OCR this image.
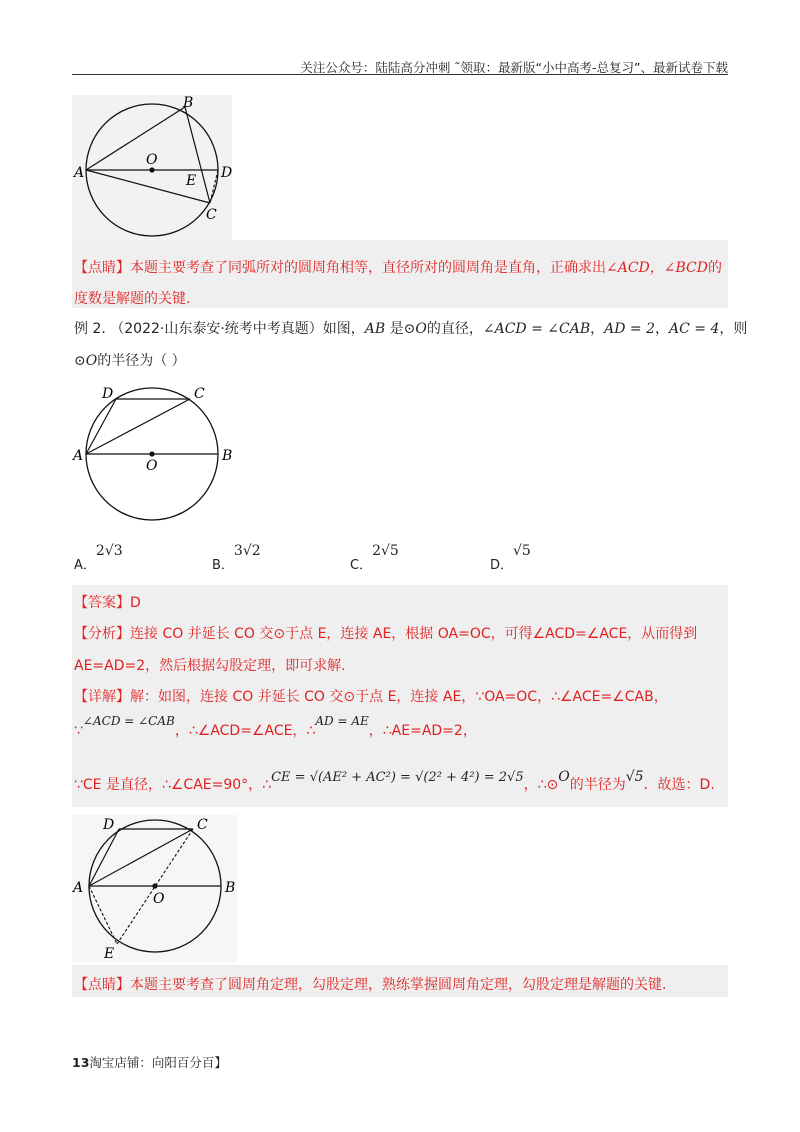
关注公众号：陆陆高分冲刺 ˜领取：最新版“小中高考-总复习”、最新试卷下载
A
B
O
E D
C
【点睛】本题主要考查了同弧所对的圆周角相等，直径所对的圆周角是直角，正确求出∠ACD，∠BCD的
度数是解题的关键.
例 2. （2022·山东泰安·统考中考真题）如图，AB 是⊙O的直径，∠ACD = ∠CAB，AD = 2，AC = 4，则
⊙O的半径为（ ）
D	C
A
O
B
$_{A.}$2√3
$_{B.}$3√2
$_{C.}$2√5
$_{D.}$√5
【答案】D
【分析】连接 CO 并延长 CO 交⊙于点 E，连接 AE，根据 OA=OC，可得∠ACD=∠ACE，从而得到
AE=AD=2，然后根据勾股定理，即可求解.
【详解】解：如图，连接 CO 并延长 CO 交⊙于点 E，连接 AE，∵OA=OC，∴∠ACE=∠CAB，
∵∠ACD = ∠CAB，∴∠ACD=∠ACE，∴AD = AE，∴AE=AD=2，
∵CE 是直径，∴∠CAE=90°，∴CE = √(AE² + AC²) = √(2² + 4²) = 2√5，∴⊙O的半径为√5．故选：D.
D	C
A
O
B
E
【点睛】本题主要考查了圆周角定理，勾股定理，熟练掌握圆周角定理，勾股定理是解题的关键.
13淘宝店铺：向阳百分百】
